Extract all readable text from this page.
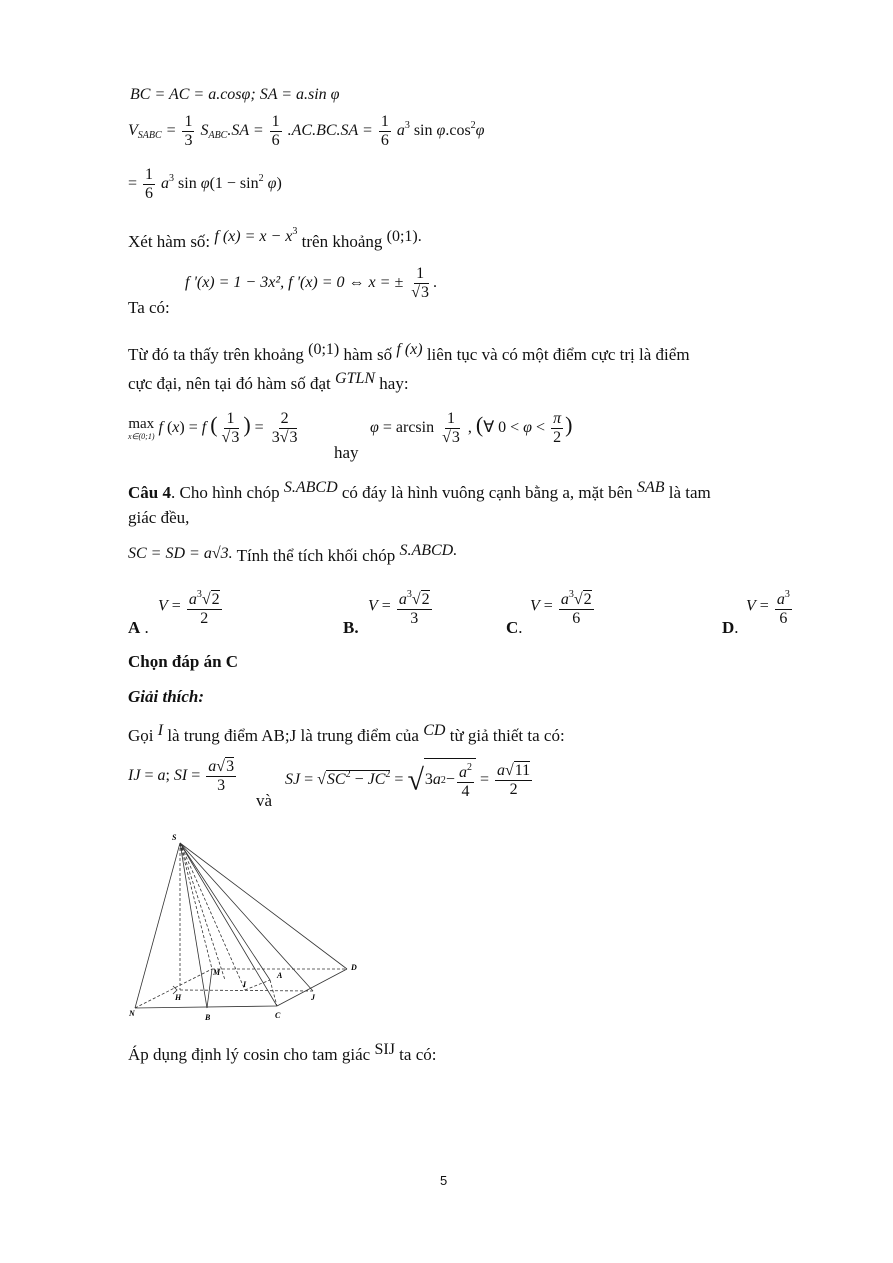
BC = AC = a.cosφ; SA = a.sin φ
$V_{SABC} = \frac{1}{3} S_{ABC}.SA = \frac{1}{6} .AC.BC.SA = \frac{1}{6} a^3$ $\sin \varphi.\cos^2\varphi$
= $\frac{1}{6} a^3$ $\sin \varphi(1 - \sin^2 \varphi)$
Xét hàm số: f $(x) = x - x^3$ trên khoảng (0;1).
f '(x) = 1 − 3x², f '(x) = 0 ⇔ x = ± $\frac{1}{√3}$ .
Ta có:
Từ đó ta thấy trên khoảng (0;1) hàm số f (x) liên tục và có một điểm cực trị là điểm
cực đại, nên tại đó hàm số đạt GTLN hay:
max
x∈(0;1)
f (x) = f ( $\frac{1}{√3}$ ) = $\frac{2}{3√3}$
hay
$\varphi = \arcsin \frac{1}{√3}$ , (∀ $0 < \varphi < \frac{\pi}{2}$ )
Câu 4. Cho hình chóp S.ABCD có đáy là hình vuông cạnh bằng a, mặt bên SAB là tam
giác đều,
SC = SD = a√3. Tính thể tích khối chóp S.ABCD.
A .
$V = \frac{a^3√2}{2}$	B.
$V = \frac{a^3√2}{3}$	C.
$V = \frac{a^3√2}{6}$	D.
$V = \frac{a^3}{6}$
Chọn đáp án C
Giải thích:
Gọi I là trung điểm AB;J là trung điểm của CD từ giả thiết ta có:
IJ = a; SI = $\frac{a√3}{3}$
và
SJ = $√SC^2 - JC^2$ = √ 3 a $2 - \frac{a^2}{4} = \frac{a√11}{2}$
S
M	A
D
H
I
J
N	B	C
Áp dụng định lý cosin cho tam giác SIJ ta có:
5
